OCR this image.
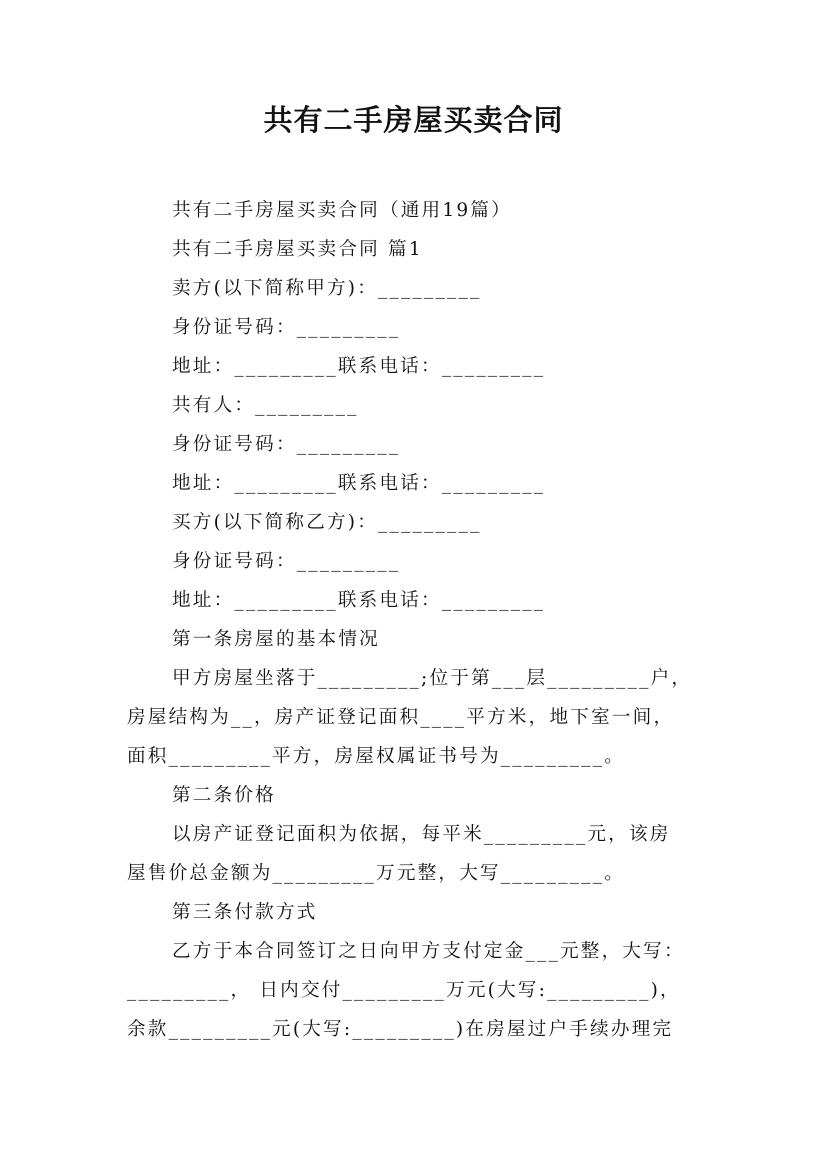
共有二手房屋买卖合同
共有二手房屋买卖合同（通用19篇）
共有二手房屋买卖合同 篇1
卖方(以下简称甲方)：_________
身份证号码：_________
地址：_________联系电话：_________
共有人：_________
身份证号码：_________
地址：_________联系电话：_________
买方(以下简称乙方)：_________
身份证号码：_________
地址：_________联系电话：_________
第一条房屋的基本情况
甲方房屋坐落于_________;位于第___层_________户，
房屋结构为__，房产证登记面积____平方米，地下室一间，
面积_________平方，房屋权属证书号为_________。
第二条价格
以房产证登记面积为依据，每平米_________元，该房
屋售价总金额为_________万元整，大写_________。
第三条付款方式
乙方于本合同签订之日向甲方支付定金___元整，大写：
_________， 日内交付_________万元(大写:_________)，
余款_________元(大写:_________)在房屋过户手续办理完
